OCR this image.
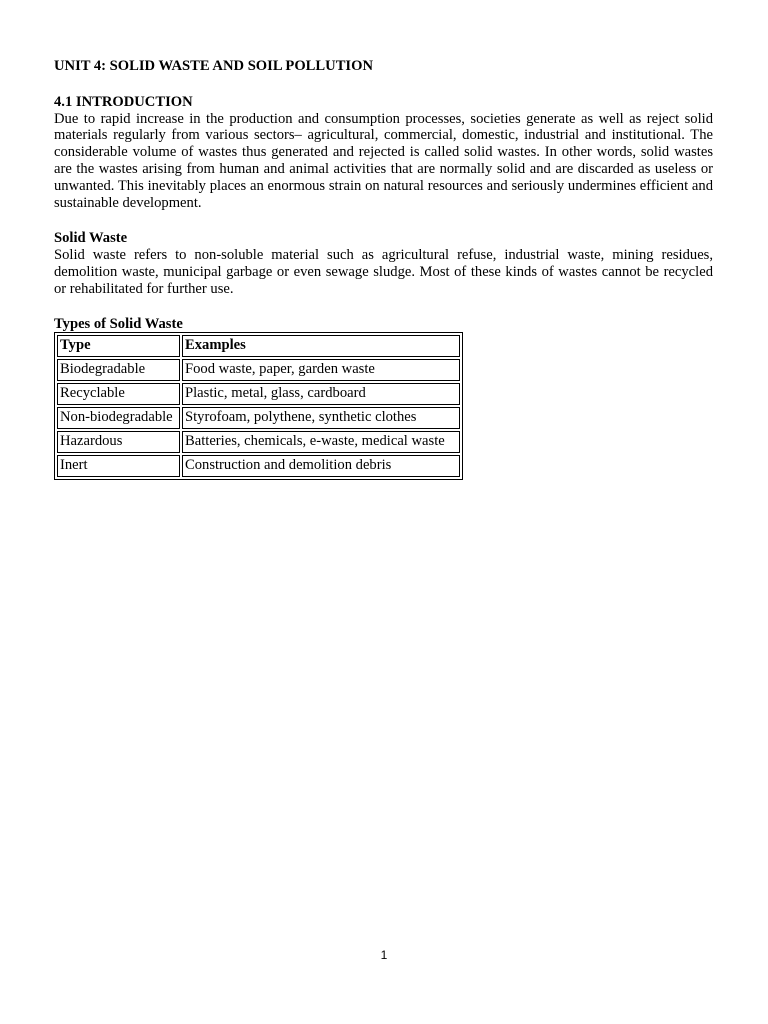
UNIT 4: SOLID WASTE AND SOIL POLLUTION

4.1 INTRODUCTION

Due to rapid increase in the production and consumption processes, societies generate as well as reject solid materials regularly from various sectors– agricultural, commercial, domestic, industrial and institutional. The considerable volume of wastes thus generated and rejected is called solid wastes. In other words, solid wastes are the wastes arising from human and animal activities that are normally solid and are discarded as useless or unwanted. This inevitably places an enormous strain on natural resources and seriously undermines efficient and sustainable development.

Solid Waste

Solid waste refers to non-soluble material such as agricultural refuse, industrial waste, mining residues, demolition waste, municipal garbage or even sewage sludge. Most of these kinds of wastes cannot be recycled or rehabilitated for further use.

Types of Solid Waste

Type	Examples
Biodegradable	Food waste, paper, garden waste
Recyclable	Plastic, metal, glass, cardboard
Non-biodegradable	Styrofoam, polythene, synthetic clothes
Hazardous	Batteries, chemicals, e-waste, medical waste
Inert	Construction and demolition debris
1
